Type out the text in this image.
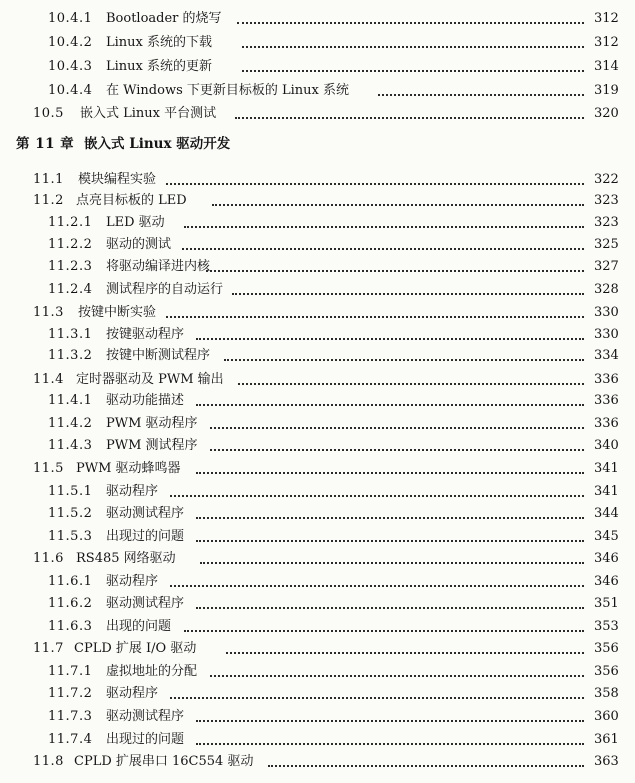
10.4.1 Bootloader 的烧写	312
10.4.2 Linux 系统的下载	312
10.4.3 Linux 系统的更新	314
10.4.4 在 Windows 下更新目标板的 Linux 系统	319
10.5 嵌入式 Linux 平台测试	320
第 11 章 嵌入式 Linux 驱动开发
11.1 模块编程实验	322
11.2 点亮目标板的 LED	323
11.2.1 LED 驱动	323
11.2.2 驱动的测试	325
11.2.3 将驱动编译进内核	327
11.2.4 测试程序的自动运行	328
11.3 按键中断实验	330
11.3.1 按键驱动程序	330
11.3.2 按键中断测试程序	334
11.4 定时器驱动及 PWM 输出	336
11.4.1 驱动功能描述	336
11.4.2 PWM 驱动程序	336
11.4.3 PWM 测试程序	340
11.5 PWM 驱动蜂鸣器	341
11.5.1 驱动程序	341
11.5.2 驱动测试程序	344
11.5.3 出现过的问题	345
11.6 RS485 网络驱动	346
11.6.1 驱动程序	346
11.6.2 驱动测试程序	351
11.6.3 出现的问题	353
11.7 CPLD 扩展 I/O 驱动	356
11.7.1 虚拟地址的分配	356
11.7.2 驱动程序	358
11.7.3 驱动测试程序	360
11.7.4 出现过的问题	361
11.8 CPLD 扩展串口 16C554 驱动	363
